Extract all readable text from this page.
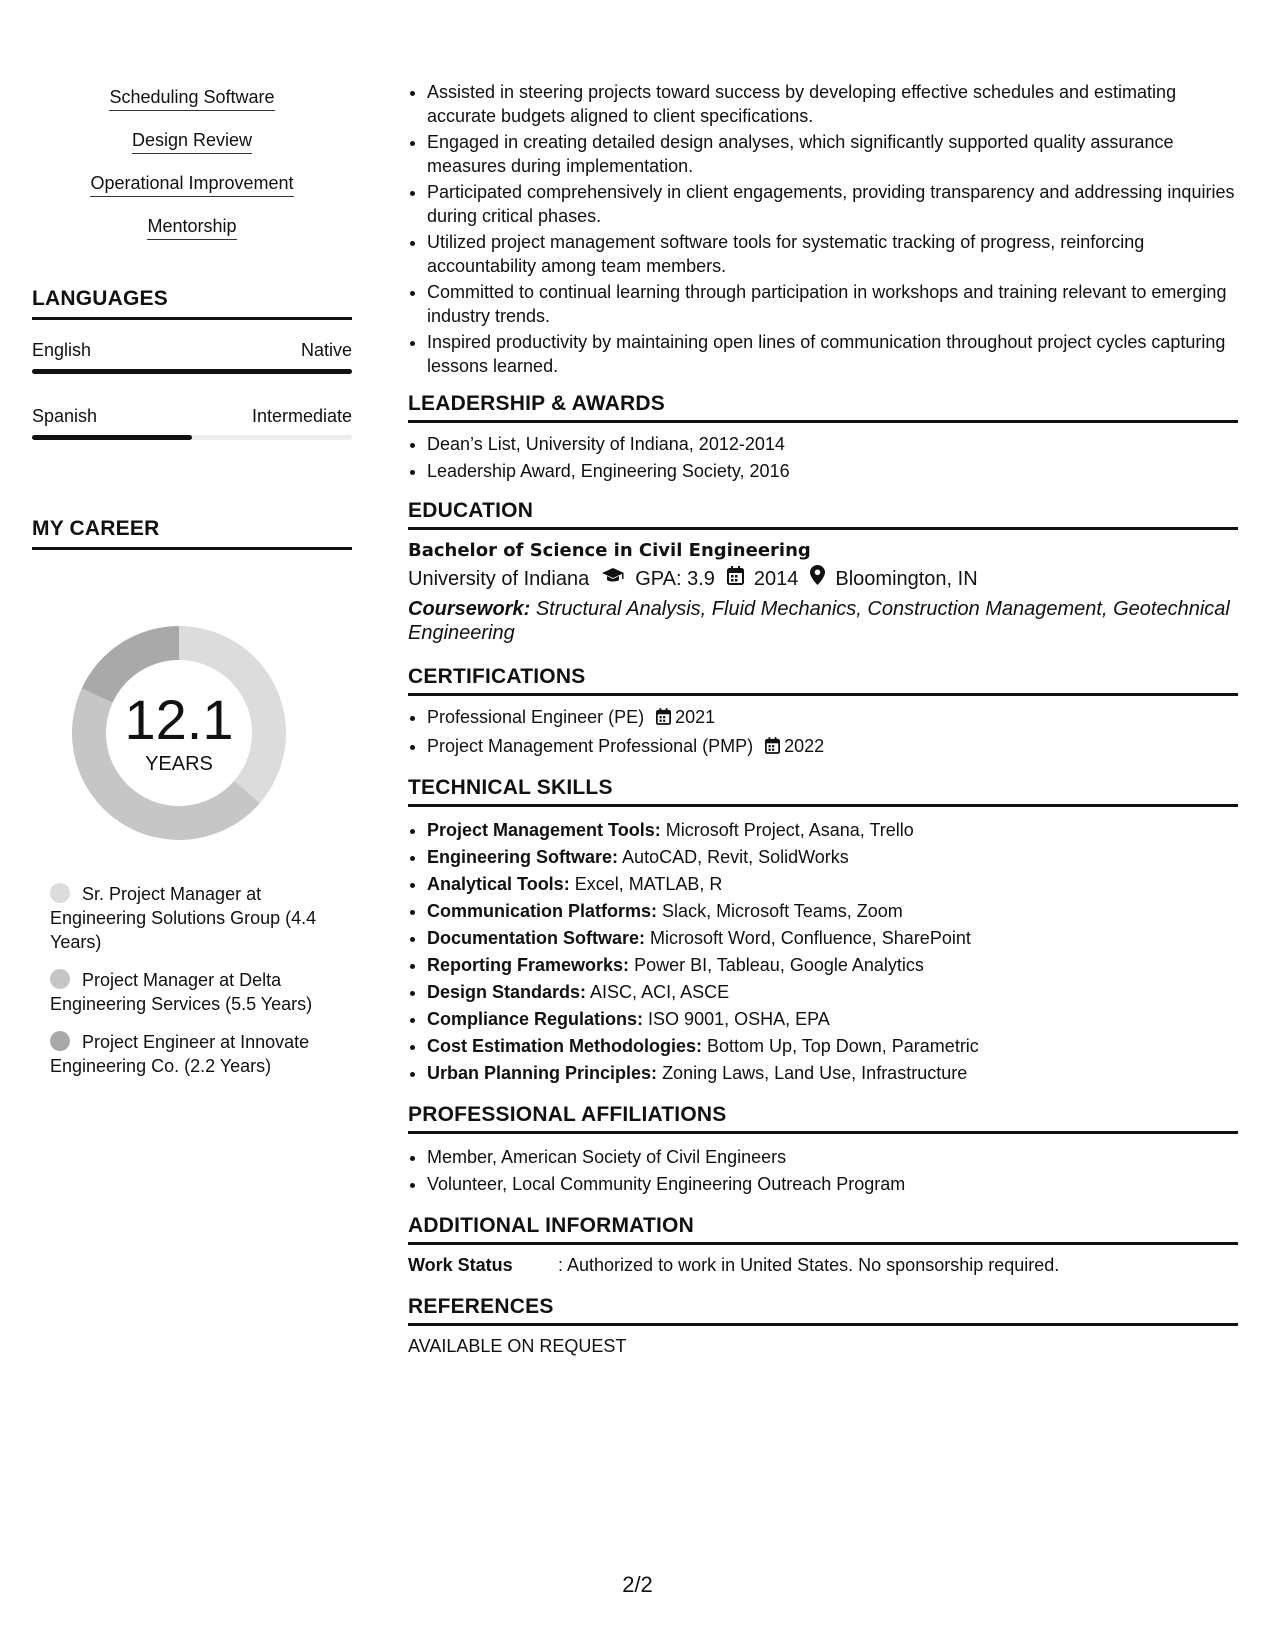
Scheduling Software
Design Review
Operational Improvement
Mentorship
LANGUAGES
English	Native
Spanish	Intermediate
MY CAREER
12.1
YEARS
Sr. Project Manager at Engineering Solutions Group (4.4 Years)
Project Manager at Delta Engineering Services (5.5 Years)
Project Engineer at Innovate Engineering Co. (2.2 Years)
• Assisted in steering projects toward success by developing effective schedules and estimating accurate budgets aligned to client specifications.
• Engaged in creating detailed design analyses, which significantly supported quality assurance measures during implementation.
• Participated comprehensively in client engagements, providing transparency and addressing inquiries during critical phases.
• Utilized project management software tools for systematic tracking of progress, reinforcing accountability among team members.
• Committed to continual learning through participation in workshops and training relevant to emerging industry trends.
• Inspired productivity by maintaining open lines of communication throughout project cycles capturing lessons learned.
LEADERSHIP & AWARDS
• Dean’s List, University of Indiana, 2012-2014
• Leadership Award, Engineering Society, 2016
EDUCATION
Bachelor of Science in Civil Engineering
University of Indiana GPA: 3.9 2014 Bloomington, IN
Coursework: Structural Analysis, Fluid Mechanics, Construction Management, Geotechnical Engineering
CERTIFICATIONS
• Professional Engineer (PE) 2021
• Project Management Professional (PMP) 2022
TECHNICAL SKILLS
• Project Management Tools: Microsoft Project, Asana, Trello
• Engineering Software: AutoCAD, Revit, SolidWorks
• Analytical Tools: Excel, MATLAB, R
• Communication Platforms: Slack, Microsoft Teams, Zoom
• Documentation Software: Microsoft Word, Confluence, SharePoint
• Reporting Frameworks: Power BI, Tableau, Google Analytics
• Design Standards: AISC, ACI, ASCE
• Compliance Regulations: ISO 9001, OSHA, EPA
• Cost Estimation Methodologies: Bottom Up, Top Down, Parametric
• Urban Planning Principles: Zoning Laws, Land Use, Infrastructure
PROFESSIONAL AFFILIATIONS
• Member, American Society of Civil Engineers
• Volunteer, Local Community Engineering Outreach Program
ADDITIONAL INFORMATION
Work Status	: Authorized to work in United States. No sponsorship required.
REFERENCES
AVAILABLE ON REQUEST
2/2
